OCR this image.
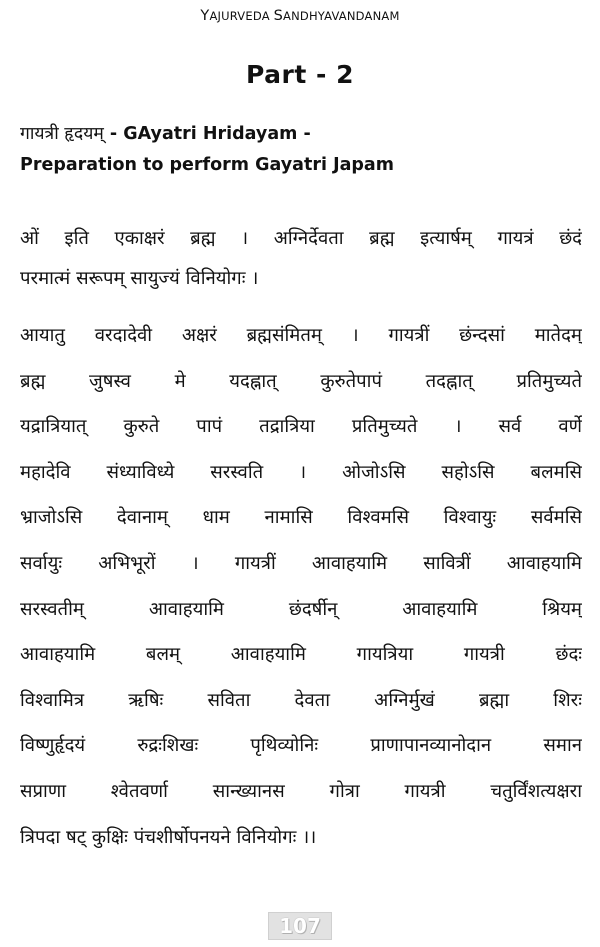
YAJURVEDA SANDHYAVANDANAM
Part - 2
गायत्री हृदयम् - GAyatri Hridayam -
Preparation to perform Gayatri Japam
ओं इति एकाक्षरं ब्रह्म । अग्निर्देवता ब्रह्म इत्यार्षम् गायत्रं छंदं
परमात्मं सरूपम् सायुज्यं विनियोगः ।
आयातु वरदादेवी अक्षरं ब्रह्मसंमितम् । गायत्रीं छंन्दसां मातेदम्
ब्रह्म जुषस्व मे यदह्नात् कुरुतेपापं तदह्नात् प्रतिमुच्यते
यद्रात्रियात् कुरुते पापं तद्रात्रिया प्रतिमुच्यते । सर्व वर्णे
महादेवि संध्याविध्ये सरस्वति । ओजोऽसि सहोऽसि बलमसि
भ्राजोऽसि देवानाम् धाम नामासि विश्वमसि विश्वायुः सर्वमसि
सर्वायुः अभिभूरों । गायत्रीं आवाहयामि सावित्रीं आवाहयामि
सरस्वतीम् आवाहयामि छंदर्षीन् आवाहयामि श्रियम्
आवाहयामि बलम् आवाहयामि गायत्रिया गायत्री छंदः
विश्वामित्र ऋषिः सविता देवता अग्निर्मुखं ब्रह्मा शिरः
विष्णुर्हृदयं रुद्रःशिखः पृथिव्योनिः प्राणापानव्यानोदान समान
सप्राणा श्वेतवर्णा सान्ख्यानस गोत्रा गायत्री चतुर्विंशत्यक्षरा
त्रिपदा षट् कुक्षिः पंचशीर्षोपनयने विनियोगः ।।
107
